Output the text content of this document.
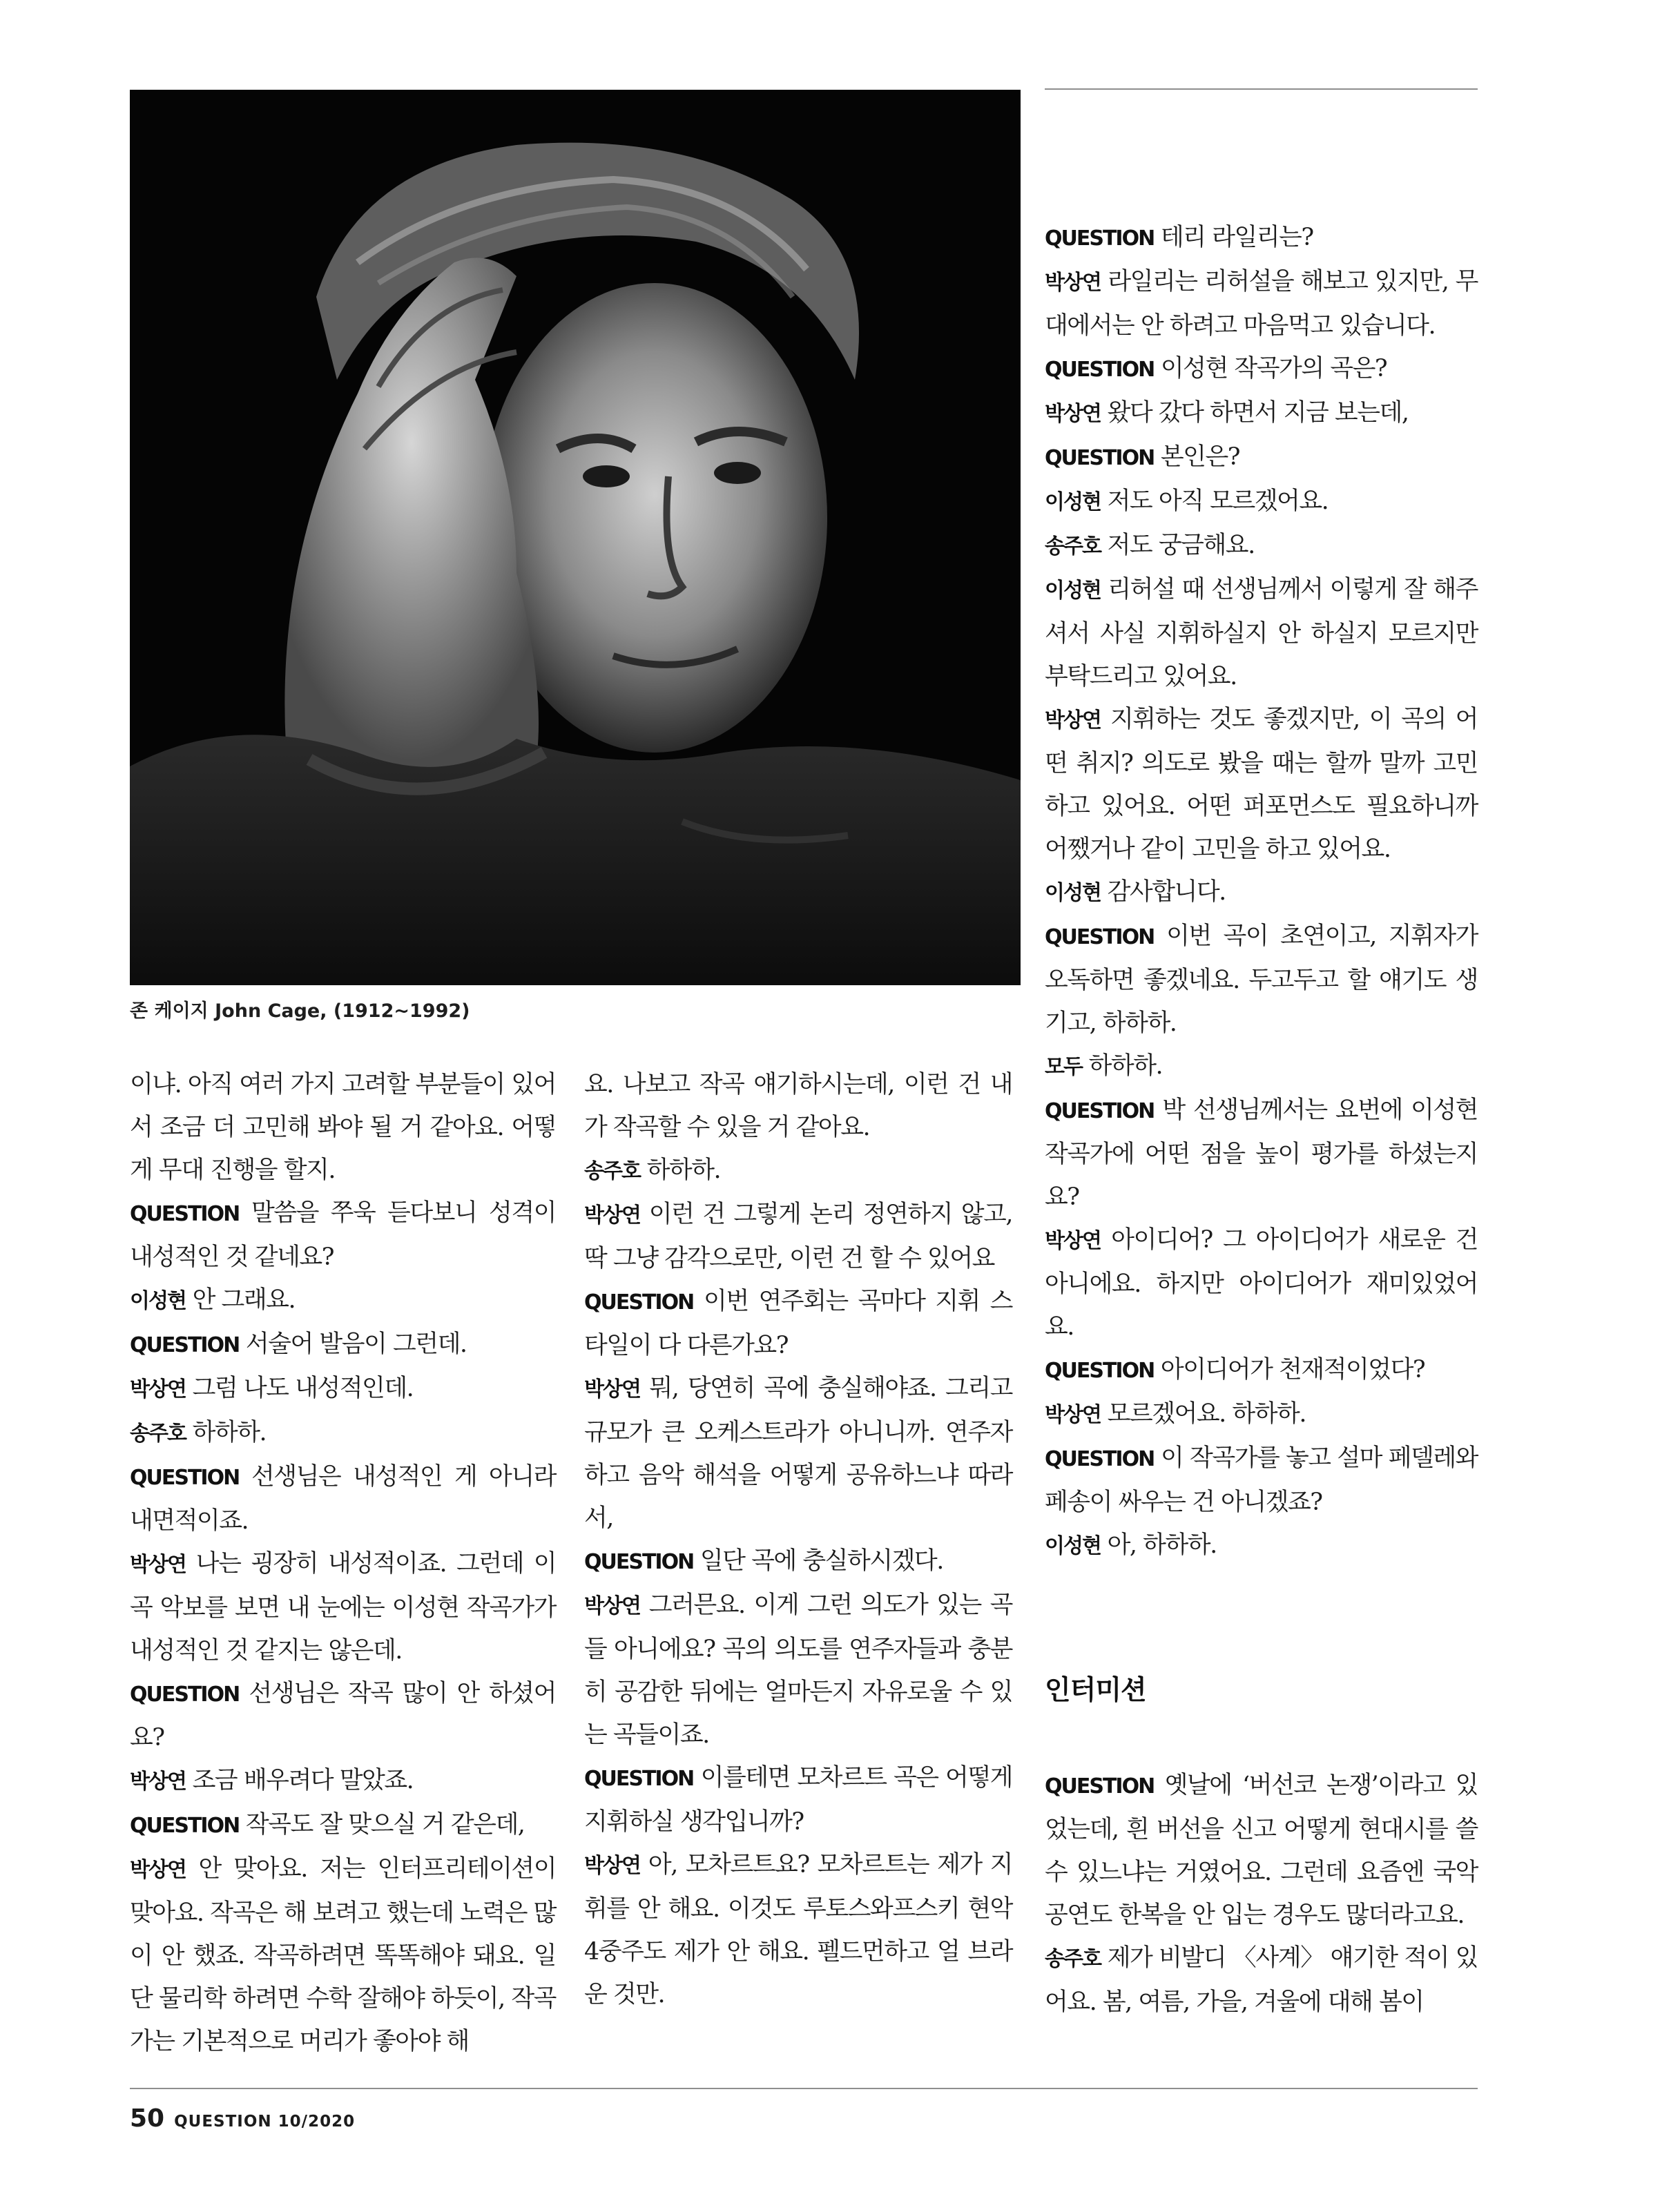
존 케이지 John Cage, (1912~1992)

이냐. 아직 여러 가지 고려할 부분들이 있어서 조금 더 고민해 봐야 될 거 같아요. 어떻게 무대 진행을 할지.

QUESTION 말씀을 쭈욱 듣다보니 성격이 내성적인 것 같네요?

이성현 안 그래요.

QUESTION 서술어 발음이 그런데.

박상연 그럼 나도 내성적인데.

송주호 하하하.

QUESTION 선생님은 내성적인 게 아니라 내면적이죠.

박상연 나는 굉장히 내성적이죠. 그런데 이 곡 악보를 보면 내 눈에는 이성현 작곡가가 내성적인 것 같지는 않은데.

QUESTION 선생님은 작곡 많이 안 하셨어요?

박상연 조금 배우려다 말았죠.

QUESTION 작곡도 잘 맞으실 거 같은데,

박상연 안 맞아요. 저는 인터프리테이션이 맞아요. 작곡은 해 보려고 했는데 노력은 많이 안 했죠. 작곡하려면 똑똑해야 돼요. 일단 물리학 하려면 수학 잘해야 하듯이, 작곡가는 기본적으로 머리가 좋아야 해

요. 나보고 작곡 얘기하시는데, 이런 건 내가 작곡할 수 있을 거 같아요.

송주호 하하하.

박상연 이런 건 그렇게 논리 정연하지 않고, 딱 그냥 감각으로만, 이런 건 할 수 있어요

QUESTION 이번 연주회는 곡마다 지휘 스타일이 다 다른가요?

박상연 뭐, 당연히 곡에 충실해야죠. 그리고 규모가 큰 오케스트라가 아니니까. 연주자하고 음악 해석을 어떻게 공유하느냐 따라서,

QUESTION 일단 곡에 충실하시겠다.

박상연 그러믄요. 이게 그런 의도가 있는 곡들 아니에요? 곡의 의도를 연주자들과 충분히 공감한 뒤에는 얼마든지 자유로울 수 있는 곡들이죠.

QUESTION 이를테면 모차르트 곡은 어떻게 지휘하실 생각입니까?

박상연 아, 모차르트요? 모차르트는 제가 지휘를 안 해요. 이것도 루토스와프스키 현악4중주도 제가 안 해요. 펠드먼하고 얼 브라운 것만.

QUESTION 테리 라일리는?

박상연 라일리는 리허설을 해보고 있지만, 무대에서는 안 하려고 마음먹고 있습니다.

QUESTION 이성현 작곡가의 곡은?

박상연 왔다 갔다 하면서 지금 보는데,

QUESTION 본인은?

이성현 저도 아직 모르겠어요.

송주호 저도 궁금해요.

이성현 리허설 때 선생님께서 이렇게 잘 해주셔서 사실 지휘하실지 안 하실지 모르지만 부탁드리고 있어요.

박상연 지휘하는 것도 좋겠지만, 이 곡의 어떤 취지? 의도로 봤을 때는 할까 말까 고민하고 있어요. 어떤 퍼포먼스도 필요하니까 어쨌거나 같이 고민을 하고 있어요.

이성현 감사합니다.

QUESTION 이번 곡이 초연이고, 지휘자가 오독하면 좋겠네요. 두고두고 할 얘기도 생기고, 하하하.

모두 하하하.

QUESTION 박 선생님께서는 요번에 이성현 작곡가에 어떤 점을 높이 평가를 하셨는지요?

박상연 아이디어? 그 아이디어가 새로운 건 아니에요. 하지만 아이디어가 재미있었어요.

QUESTION 아이디어가 천재적이었다?

박상연 모르겠어요. 하하하.

QUESTION 이 작곡가를 놓고 설마 페델레와 페송이 싸우는 건 아니겠죠?

이성현 아, 하하하.

인터미션

QUESTION 옛날에 ‘버선코 논쟁’이라고 있었는데, 흰 버선을 신고 어떻게 현대시를 쓸 수 있느냐는 거였어요. 그런데 요즘엔 국악공연도 한복을 안 입는 경우도 많더라고요.

송주호 제가 비발디 〈사계〉 얘기한 적이 있어요. 봄, 여름, 가을, 겨울에 대해 봄이

50 QUESTION 10/2020
